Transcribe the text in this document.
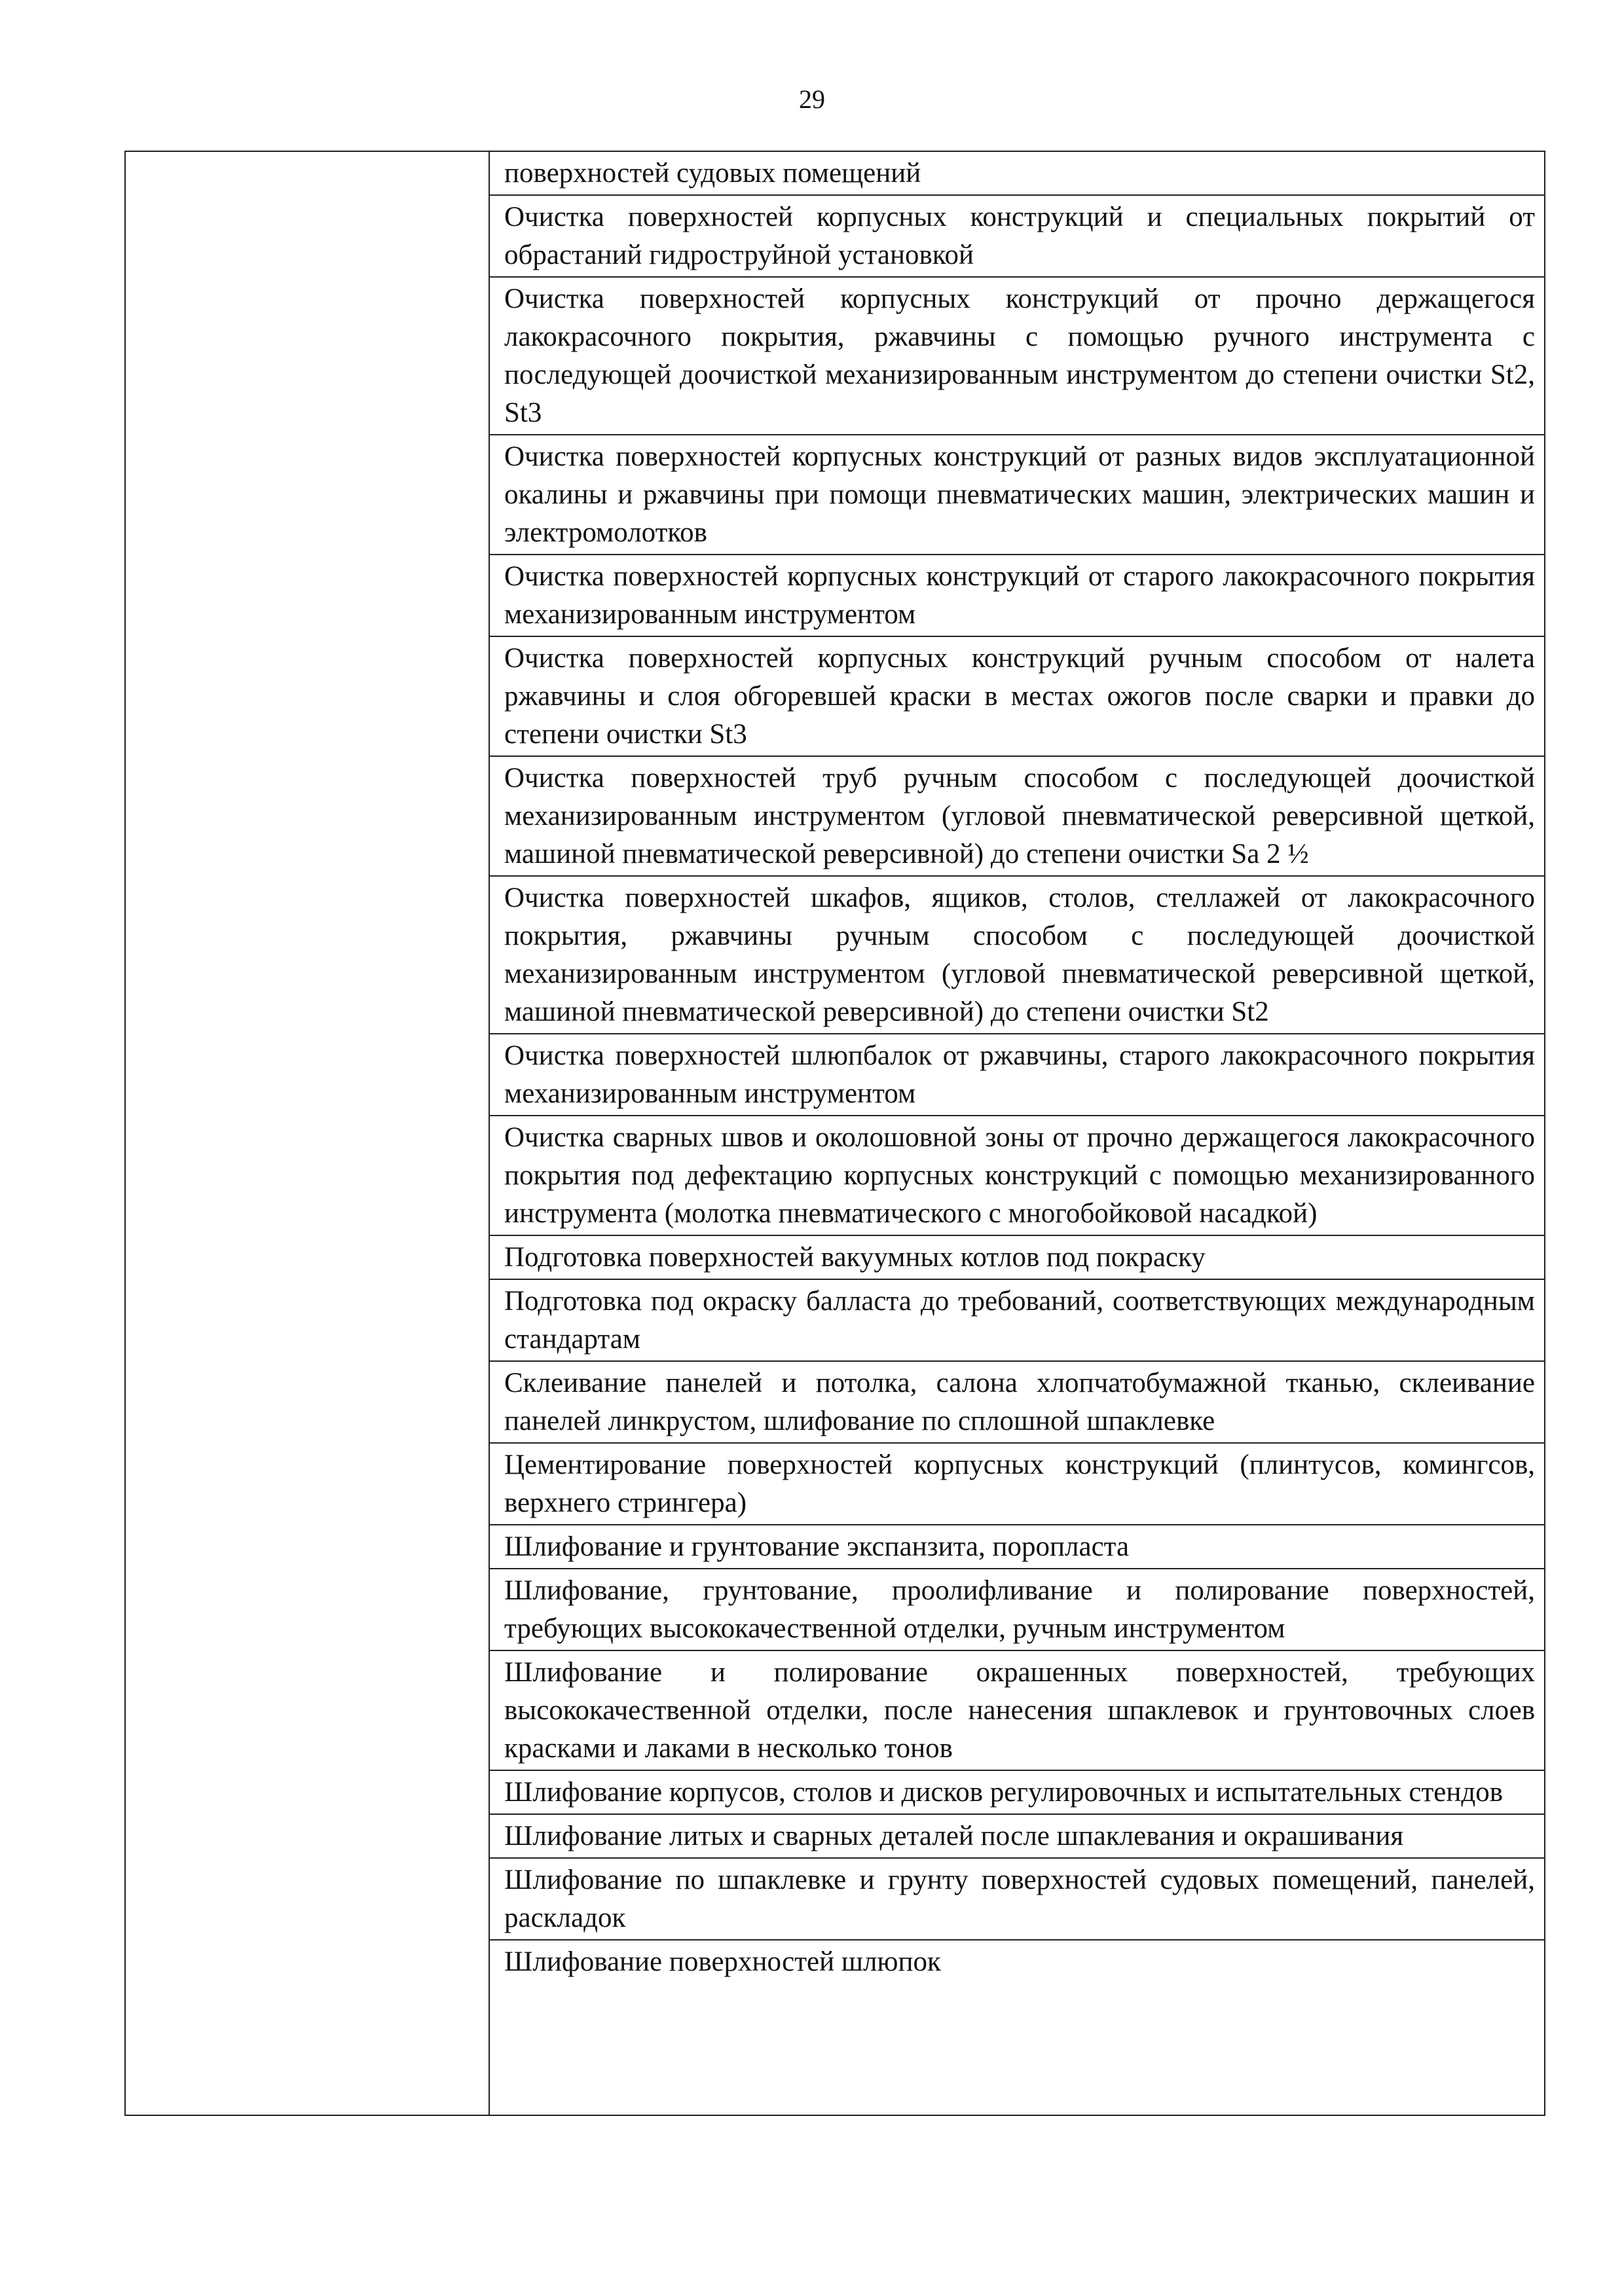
29

поверхностей судовых помещений
Очистка поверхностей корпусных конструкций и специальных покрытий от обрастаний гидроструйной установкой
Очистка поверхностей корпусных конструкций от прочно держащегося лакокрасочного покрытия, ржавчины с помощью ручного инструмента с последующей доочисткой механизированным инструментом до степени очистки St2, St3
Очистка поверхностей корпусных конструкций от разных видов эксплуатационной окалины и ржавчины при помощи пневматических машин, электрических машин и электромолотков
Очистка поверхностей корпусных конструкций от старого лакокрасочного покрытия механизированным инструментом
Очистка поверхностей корпусных конструкций ручным способом от налета ржавчины и слоя обгоревшей краски в местах ожогов после сварки и правки до степени очистки St3
Очистка поверхностей труб ручным способом с последующей доочисткой механизированным инструментом (угловой пневматической реверсивной щеткой, машиной пневматической реверсивной) до степени очистки Sa 2 ½
Очистка поверхностей шкафов, ящиков, столов, стеллажей от лакокрасочного покрытия, ржавчины ручным способом с последующей доочисткой механизированным инструментом (угловой пневматической реверсивной щеткой, машиной пневматической реверсивной) до степени очистки St2
Очистка поверхностей шлюпбалок от ржавчины, старого лакокрасочного покрытия механизированным инструментом
Очистка сварных швов и околошовной зоны от прочно держащегося лакокрасочного покрытия под дефектацию корпусных конструкций с помощью механизированного инструмента (молотка пневматического с многобойковой насадкой)
Подготовка поверхностей вакуумных котлов под покраску
Подготовка под окраску балласта до требований, соответствующих международным стандартам
Склеивание панелей и потолка, салона хлопчатобумажной тканью, склеивание панелей линкрустом, шлифование по сплошной шпаклевке
Цементирование поверхностей корпусных конструкций (плинтусов, комингсов, верхнего стрингера)
Шлифование и грунтование экспанзита, поропласта
Шлифование, грунтование, проолифливание и полирование поверхностей, требующих высококачественной отделки, ручным инструментом
Шлифование и полирование окрашенных поверхностей, требующих высококачественной отделки, после нанесения шпаклевок и грунтовочных слоев красками и лаками в несколько тонов
Шлифование корпусов, столов и дисков регулировочных и испытательных стендов
Шлифование литых и сварных деталей после шпаклевания и окрашивания
Шлифование по шпаклевке и грунту поверхностей судовых помещений, панелей, раскладок
Шлифование поверхностей шлюпок
